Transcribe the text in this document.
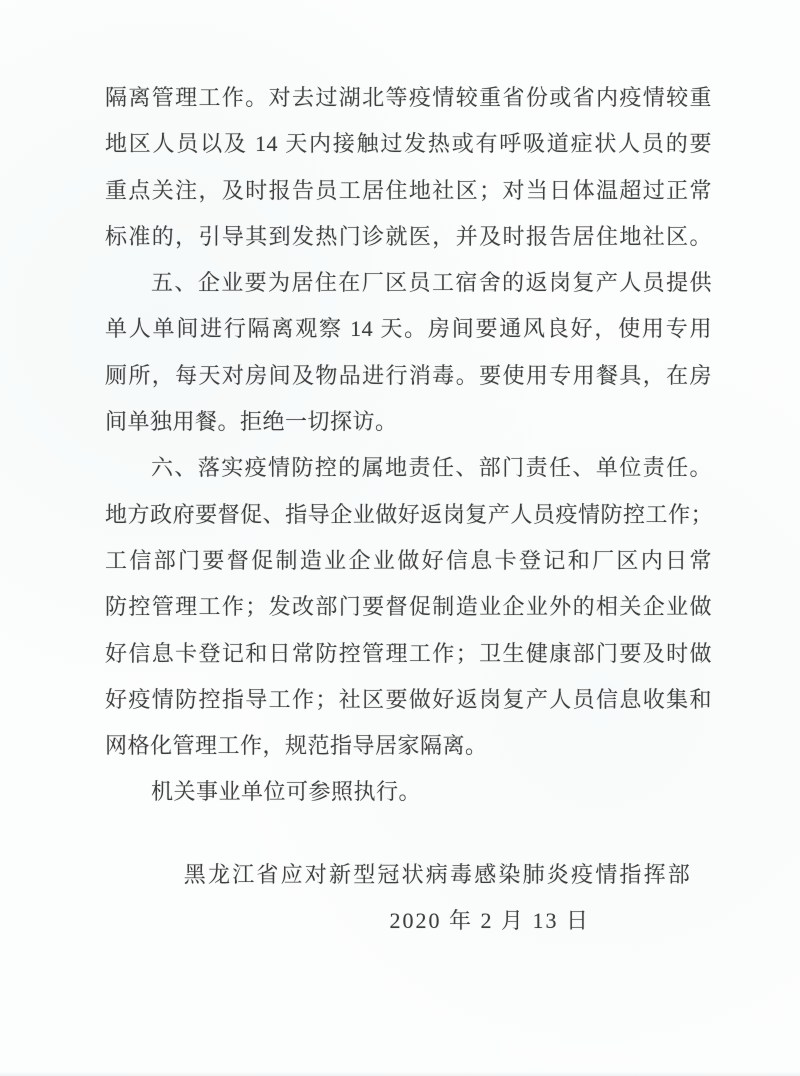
隔离管理工作。对去过湖北等疫情较重省份或省内疫情较重
地区人员以及 14 天内接触过发热或有呼吸道症状人员的要
重点关注，及时报告员工居住地社区；对当日体温超过正常
标准的，引导其到发热门诊就医，并及时报告居住地社区。
五、企业要为居住在厂区员工宿舍的返岗复产人员提供
单人单间进行隔离观察 14 天。房间要通风良好，使用专用
厕所，每天对房间及物品进行消毒。要使用专用餐具，在房
间单独用餐。拒绝一切探访。
六、落实疫情防控的属地责任、部门责任、单位责任。
地方政府要督促、指导企业做好返岗复产人员疫情防控工作；
工信部门要督促制造业企业做好信息卡登记和厂区内日常
防控管理工作；发改部门要督促制造业企业外的相关企业做
好信息卡登记和日常防控管理工作；卫生健康部门要及时做
好疫情防控指导工作；社区要做好返岗复产人员信息收集和
网格化管理工作，规范指导居家隔离。
机关事业单位可参照执行。
黑龙江省应对新型冠状病毒感染肺炎疫情指挥部
2020 年 2 月 13 日
